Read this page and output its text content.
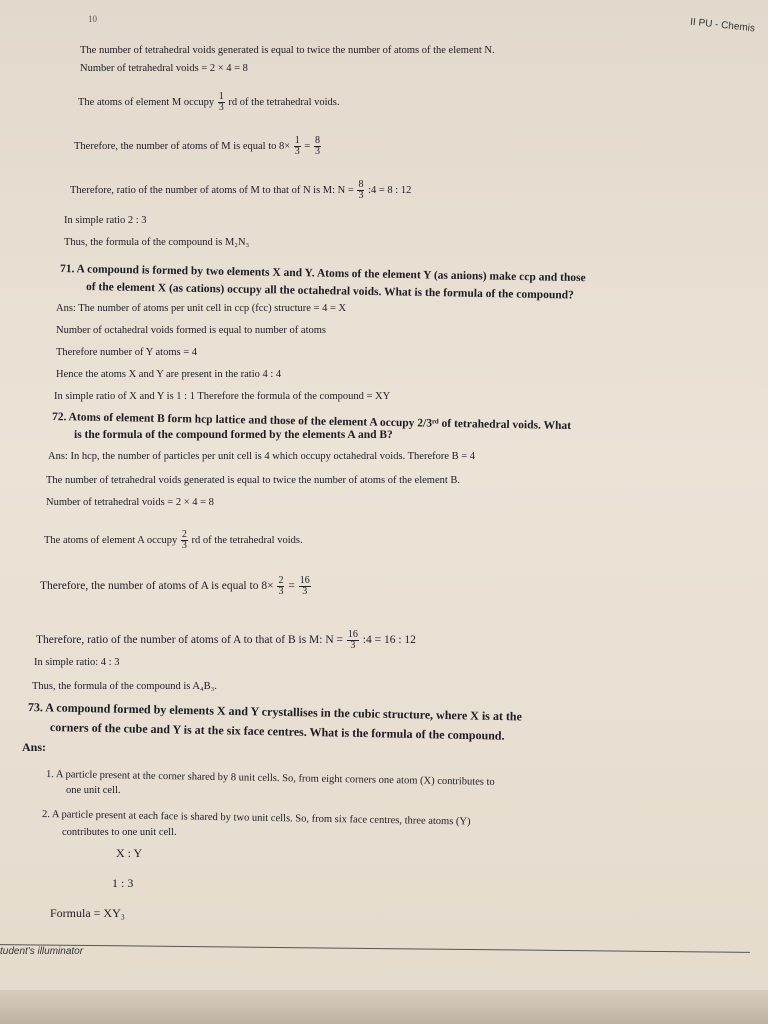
10	II PU - Chemis
The number of tetrahedral voids generated is equal to twice the number of atoms of the element N.
Number of tetrahedral voids = 2 × 4 = 8
The atoms of element M occupy $\frac{1}{3}$ rd of the tetrahedral voids.
Therefore, the number of atoms of M is equal to $8\times \frac{1}{3} = \frac{8}{3}$
Therefore, ratio of the number of atoms of M to that of N is M: $N = \frac{8}{3}$ :4 = 8 : 12
In simple ratio 2 : 3
Thus, the formula of the compound is M₂N₃
71. A compound is formed by two elements X and Y. Atoms of the element Y (as anions) make ccp and those
of the element X (as cations) occupy all the octahedral voids. What is the formula of the compound?
Ans: The number of atoms per unit cell in ccp (fcc) structure = 4 = X
Number of octahedral voids formed is equal to number of atoms
Therefore number of Y atoms = 4
Hence the atoms X and Y are present in the ratio 4 : 4
In simple ratio of X and Y is 1 : 1 Therefore the formula of the compound = XY
72. Atoms of element B form hcp lattice and those of the element A occupy 2/3ʳᵈ of tetrahedral voids. What
is the formula of the compound formed by the elements A and B?
Ans: In hcp, the number of particles per unit cell is 4 which occupy octahedral voids. Therefore B = 4
The number of tetrahedral voids generated is equal to twice the number of atoms of the element B.
Number of tetrahedral voids = 2 × 4 = 8
The atoms of element A occupy $\frac{2}{3}$ rd of the tetrahedral voids.
Therefore, the number of atoms of A is equal to $8\times \frac{2}{3} = \frac{16}{3}$
Therefore, ratio of the number of atoms of A to that of B is M: $N = \frac{16}{3}$ :4 = 16 : 12
In simple ratio: 4 : 3
Thus, the formula of the compound is A₄B₃.
73. A compound formed by elements X and Y crystallises in the cubic structure, where X is at the
corners of the cube and Y is at the six face centres. What is the formula of the compound.
Ans:
1. A particle present at the corner shared by 8 unit cells. So, from eight corners one atom (X) contributes to
one unit cell.
2. A particle present at each face is shared by two unit cells. So, from six face centres, three atoms (Y)
contributes to one unit cell.
X : Y
1 : 3
Formula = XY₃
tudent's illuminator
